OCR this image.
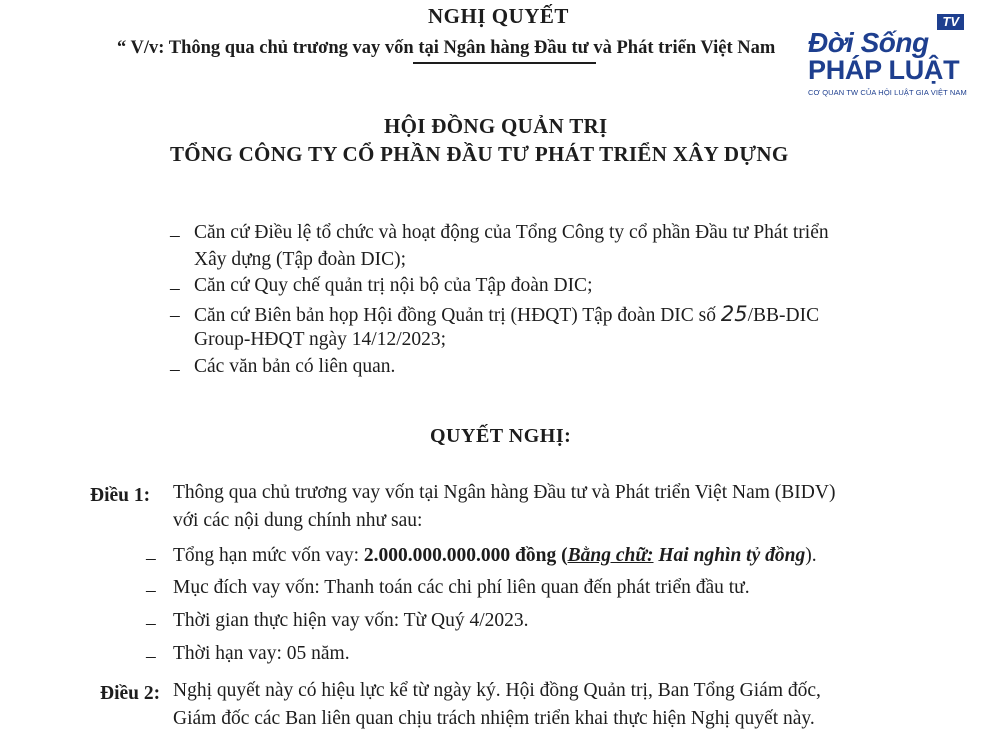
NGHỊ QUYẾT
“ V/v: Thông qua chủ trương vay vốn tại Ngân hàng Đầu tư và Phát triển Việt Nam
TV
Đời Sống
PHÁP LUẬT
CƠ QUAN TW CỦA HỘI LUẬT GIA VIỆT NAM
HỘI ĐỒNG QUẢN TRỊ
TỔNG CÔNG TY CỔ PHẦN ĐẦU TƯ PHÁT TRIỂN XÂY DỰNG
– Căn cứ Điều lệ tổ chức và hoạt động của Tổng Công ty cổ phần Đầu tư Phát triển
Xây dựng (Tập đoàn DIC);
– Căn cứ Quy chế quản trị nội bộ của Tập đoàn DIC;
– Căn cứ Biên bản họp Hội đồng Quản trị (HĐQT) Tập đoàn DIC số 25/BB-DIC
Group-HĐQT ngày 14/12/2023;
– Các văn bản có liên quan.
QUYẾT NGHỊ:
Điều 1: Thông qua chủ trương vay vốn tại Ngân hàng Đầu tư và Phát triển Việt Nam (BIDV)
với các nội dung chính như sau:
– Tổng hạn mức vốn vay: 2.000.000.000.000 đồng (Bằng chữ: Hai nghìn tỷ đồng).
– Mục đích vay vốn: Thanh toán các chi phí liên quan đến phát triển đầu tư.
– Thời gian thực hiện vay vốn: Từ Quý 4/2023.
– Thời hạn vay: 05 năm.
Điều 2: Nghị quyết này có hiệu lực kể từ ngày ký. Hội đồng Quản trị, Ban Tổng Giám đốc,
Giám đốc các Ban liên quan chịu trách nhiệm triển khai thực hiện Nghị quyết này.
